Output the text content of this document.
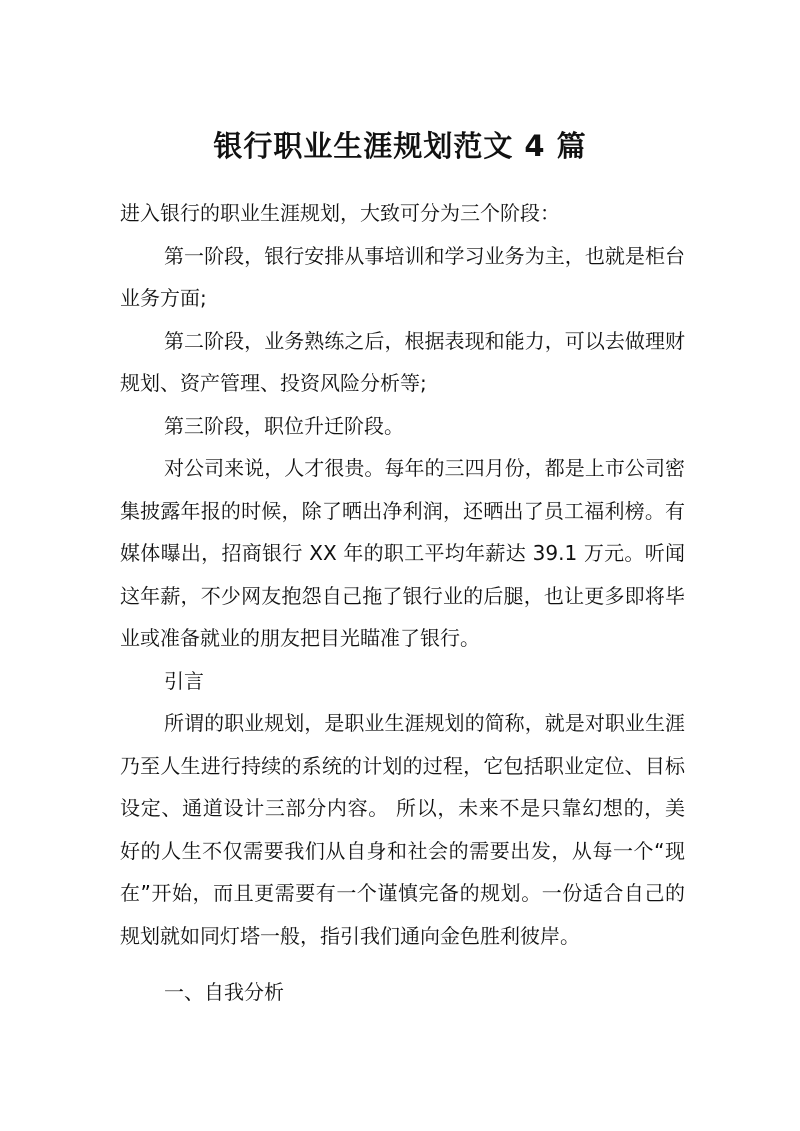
银行职业生涯规划范文 4 篇

进入银行的职业生涯规划，大致可分为三个阶段：

第一阶段，银行安排从事培训和学习业务为主，也就是柜台业务方面;

第二阶段，业务熟练之后，根据表现和能力，可以去做理财规划、资产管理、投资风险分析等;

第三阶段，职位升迁阶段。

对公司来说，人才很贵。每年的三四月份，都是上市公司密集披露年报的时候，除了晒出净利润，还晒出了员工福利榜。有媒体曝出，招商银行 XX 年的职工平均年薪达 39.1 万元。听闻这年薪，不少网友抱怨自己拖了银行业的后腿，也让更多即将毕业或准备就业的朋友把目光瞄准了银行。

引言

所谓的职业规划，是职业生涯规划的简称，就是对职业生涯乃至人生进行持续的系统的计划的过程，它包括职业定位、目标设定、通道设计三部分内容。 所以，未来不是只靠幻想的，美好的人生不仅需要我们从自身和社会的需要出发，从每一个“现在”开始，而且更需要有一个谨慎完备的规划。一份适合自己的规划就如同灯塔一般，指引我们通向金色胜利彼岸。

一、自我分析
